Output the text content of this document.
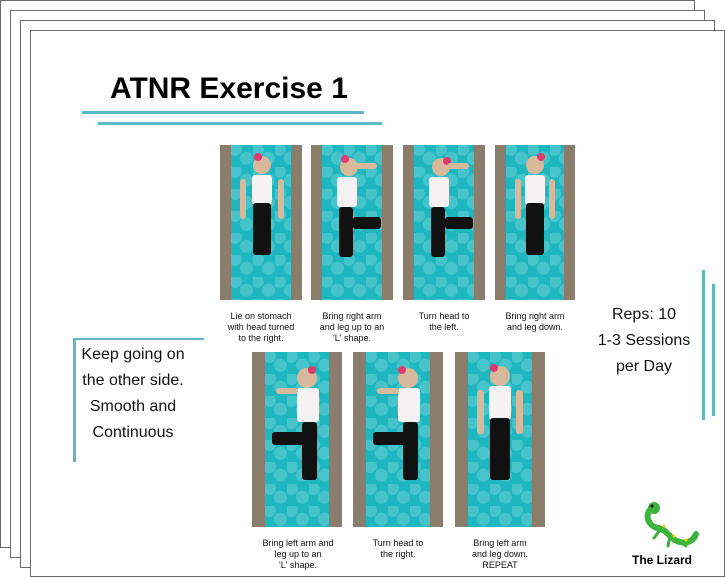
ATNR Exercise 1
Lie on stomach
with head turned
to the right.
Bring right arm
and leg up to an
'L' shape.
Turn head to
the left.
Bring right arm
and leg down.
Bring left arm and
leg up to an
'L' shape.
Turn head to
the right.
Bring left arm
and leg down.
REPEAT
Keep going on
the other side.
Smooth and
Continuous
Reps: 10
1-3 Sessions
per Day
The Lizard
